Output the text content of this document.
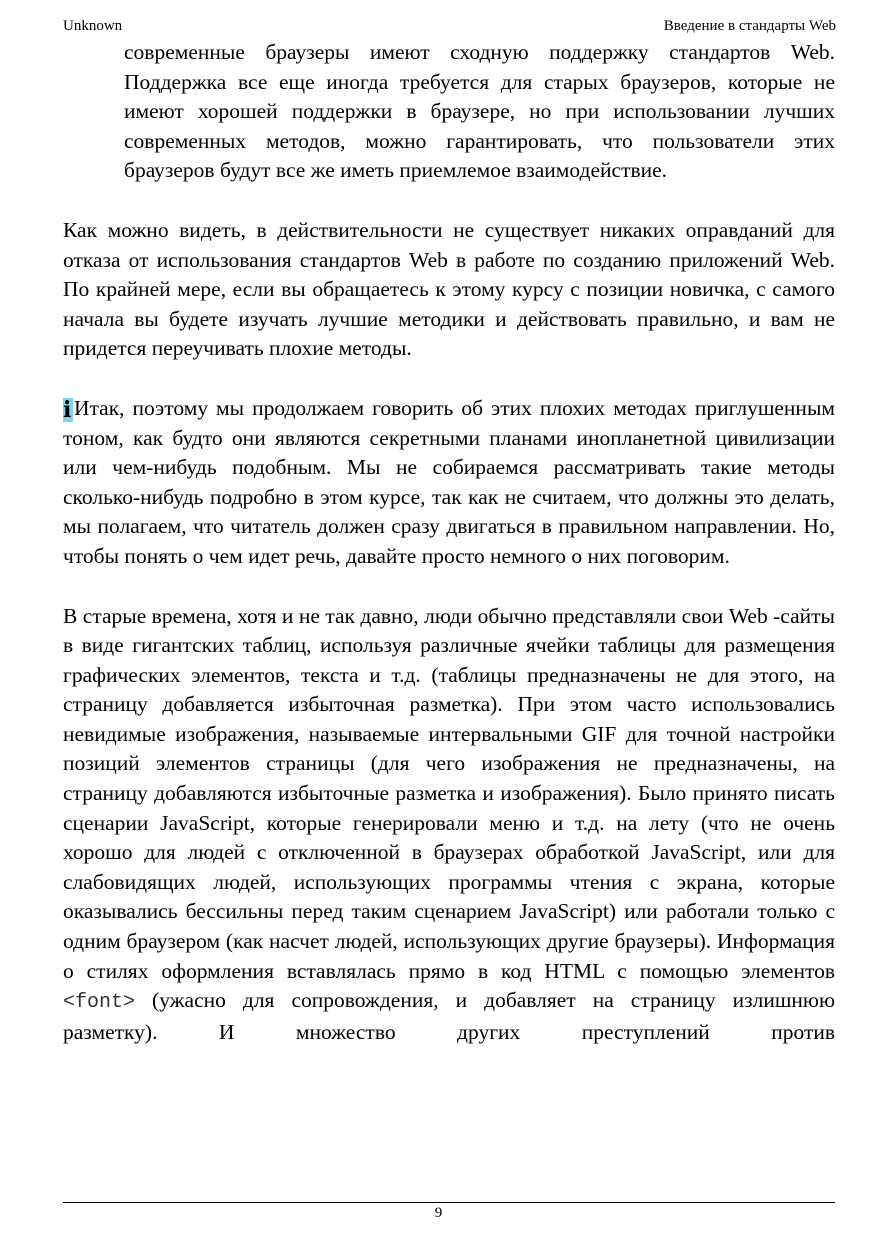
Unknown	Введение в стандарты Web

современные браузеры имеют сходную поддержку стандартов Web. Поддержка все еще иногда требуется для старых браузеров, которые не имеют хорошей поддержки в браузере, но при использовании лучших современных методов, можно гарантировать, что пользователи этих браузеров будут все же иметь приемлемое взаимодействие.

Как можно видеть, в действительности не существует никаких оправданий для отказа от использования стандартов Web в работе по созданию приложений Web. По крайней мере, если вы обращаетесь к этому курсу с позиции новичка, с самого начала вы будете изучать лучшие методики и действовать правильно, и вам не придется переучивать плохие методы.

i Итак, поэтому мы продолжаем говорить об этих плохих методах приглушенным тоном, как будто они являются секретными планами инопланетной цивилизации или чем-нибудь подобным. Мы не собираемся рассматривать такие методы сколько-нибудь подробно в этом курсе, так как не считаем, что должны это делать, мы полагаем, что читатель должен сразу двигаться в правильном направлении. Но, чтобы понять о чем идет речь, давайте просто немного о них поговорим.

В старые времена, хотя и не так давно, люди обычно представляли свои Web -сайты в виде гигантских таблиц, используя различные ячейки таблицы для размещения графических элементов, текста и т.д. (таблицы предназначены не для этого, на страницу добавляется избыточная разметка). При этом часто использовались невидимые изображения, называемые интервальными GIF для точной настройки позиций элементов страницы (для чего изображения не предназначены, на страницу добавляются избыточные разметка и изображения). Было принято писать сценарии JavaScript, которые генерировали меню и т.д. на лету (что не очень хорошо для людей с отключенной в браузерах обработкой JavaScript, или для слабовидящих людей, использующих программы чтения с экрана, которые оказывались бессильны перед таким сценарием JavaScript) или работали только с одним браузером (как насчет людей, использующих другие браузеры). Информация о стилях оформления вставлялась прямо в код HTML с помощью элементов <font> (ужасно для сопровождения, и добавляет на страницу излишнюю разметку). И множество других преступлений против

9
